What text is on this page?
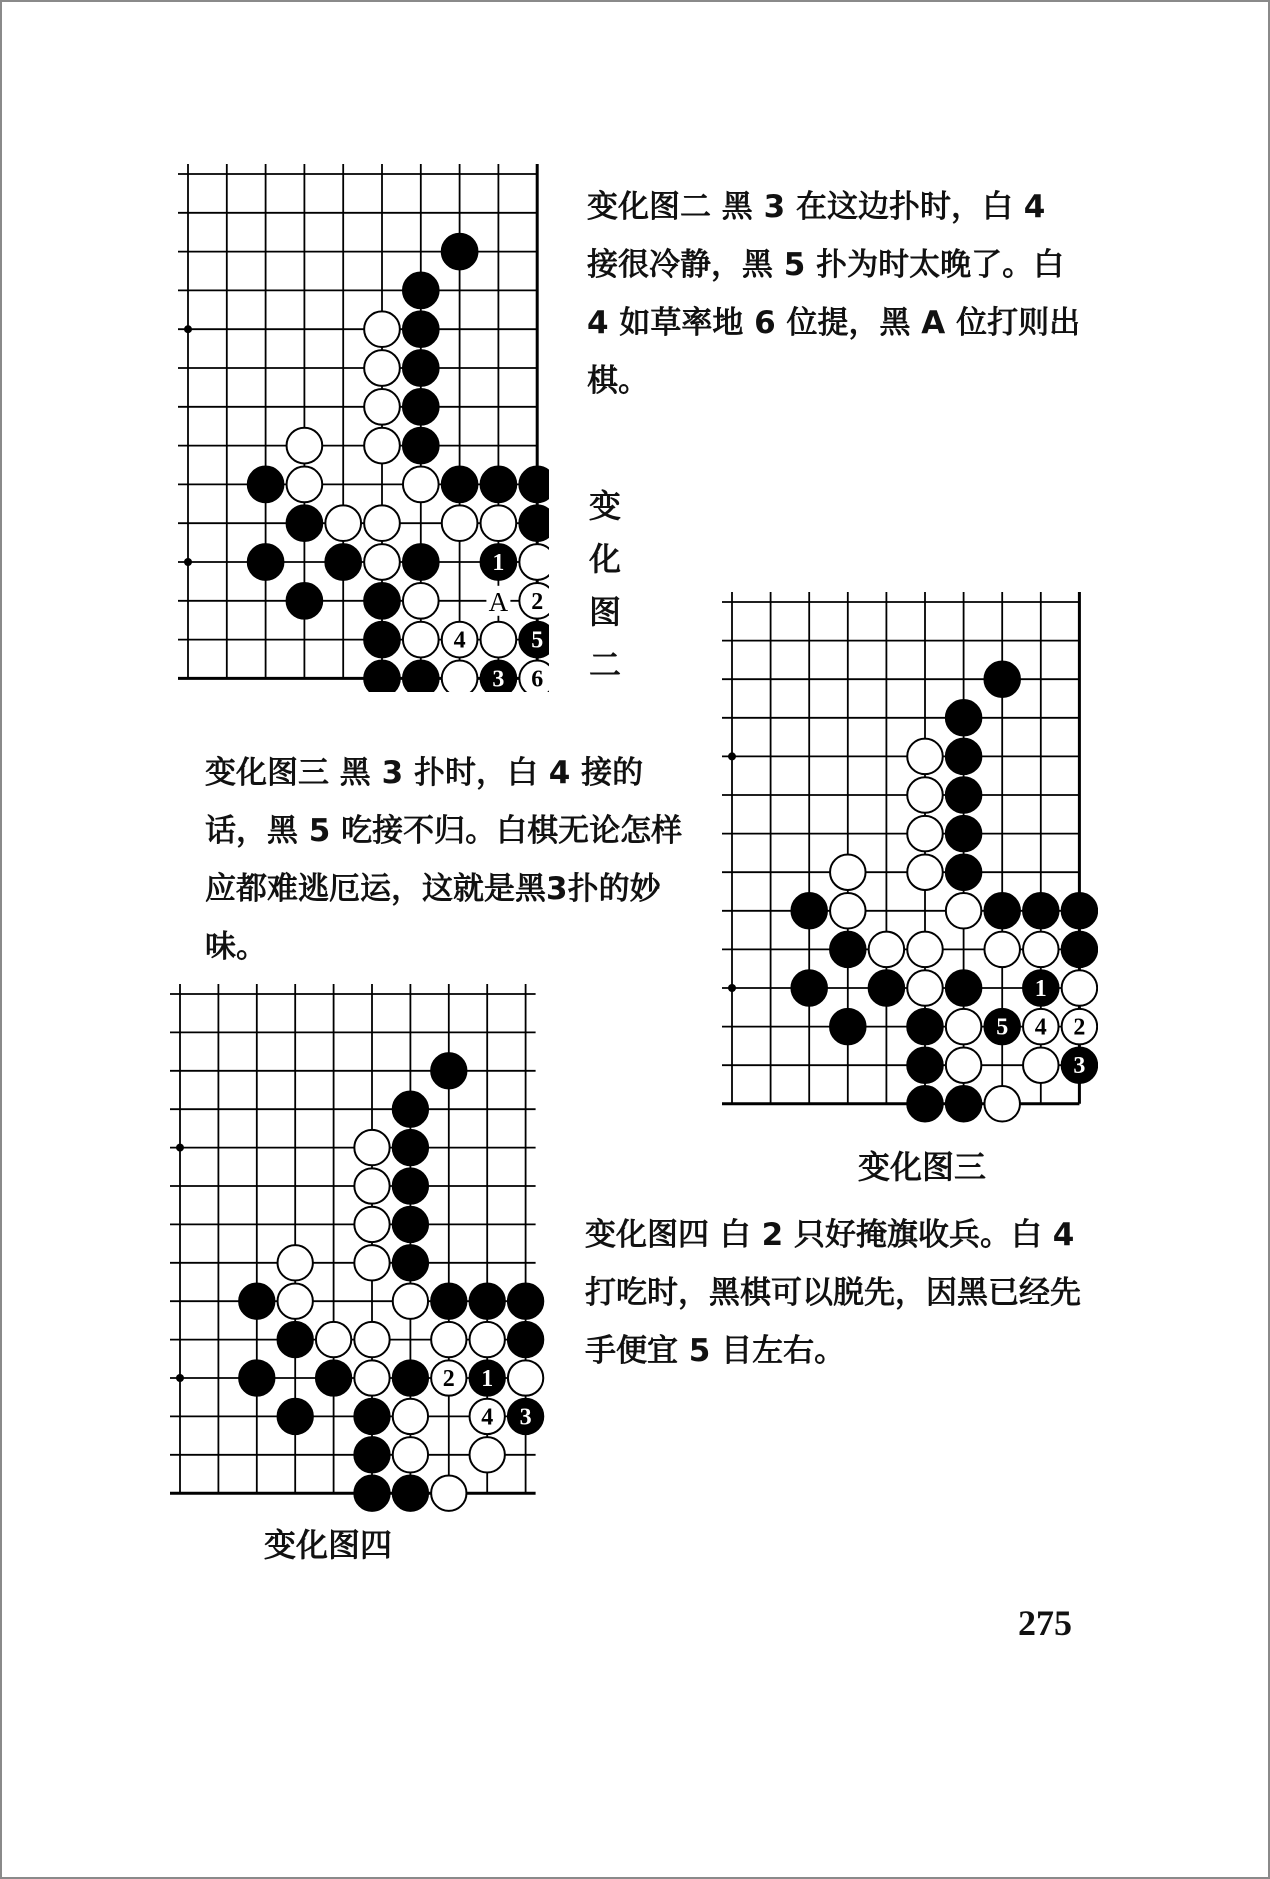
1
2
4	5
3 6
A

变化图二 黑 3 在这边扑时，白 4 接很冷静，黑 5 扑为时太晚了。白 4 如草率地 6 位提，黑 A 位打则出棋。

变
化
图
二
1
5 4 2
3
变化图三

变化图三 黑 3 扑时，白 4 接的话，黑 5 吃接不归。白棋无论怎样应都难逃厄运，这就是黑3扑的妙味。

2 1
4 3
变化图四

变化图四 白 2 只好掩旗收兵。白 4 打吃时，黑棋可以脱先，因黑已经先手便宜 5 目左右。

275
